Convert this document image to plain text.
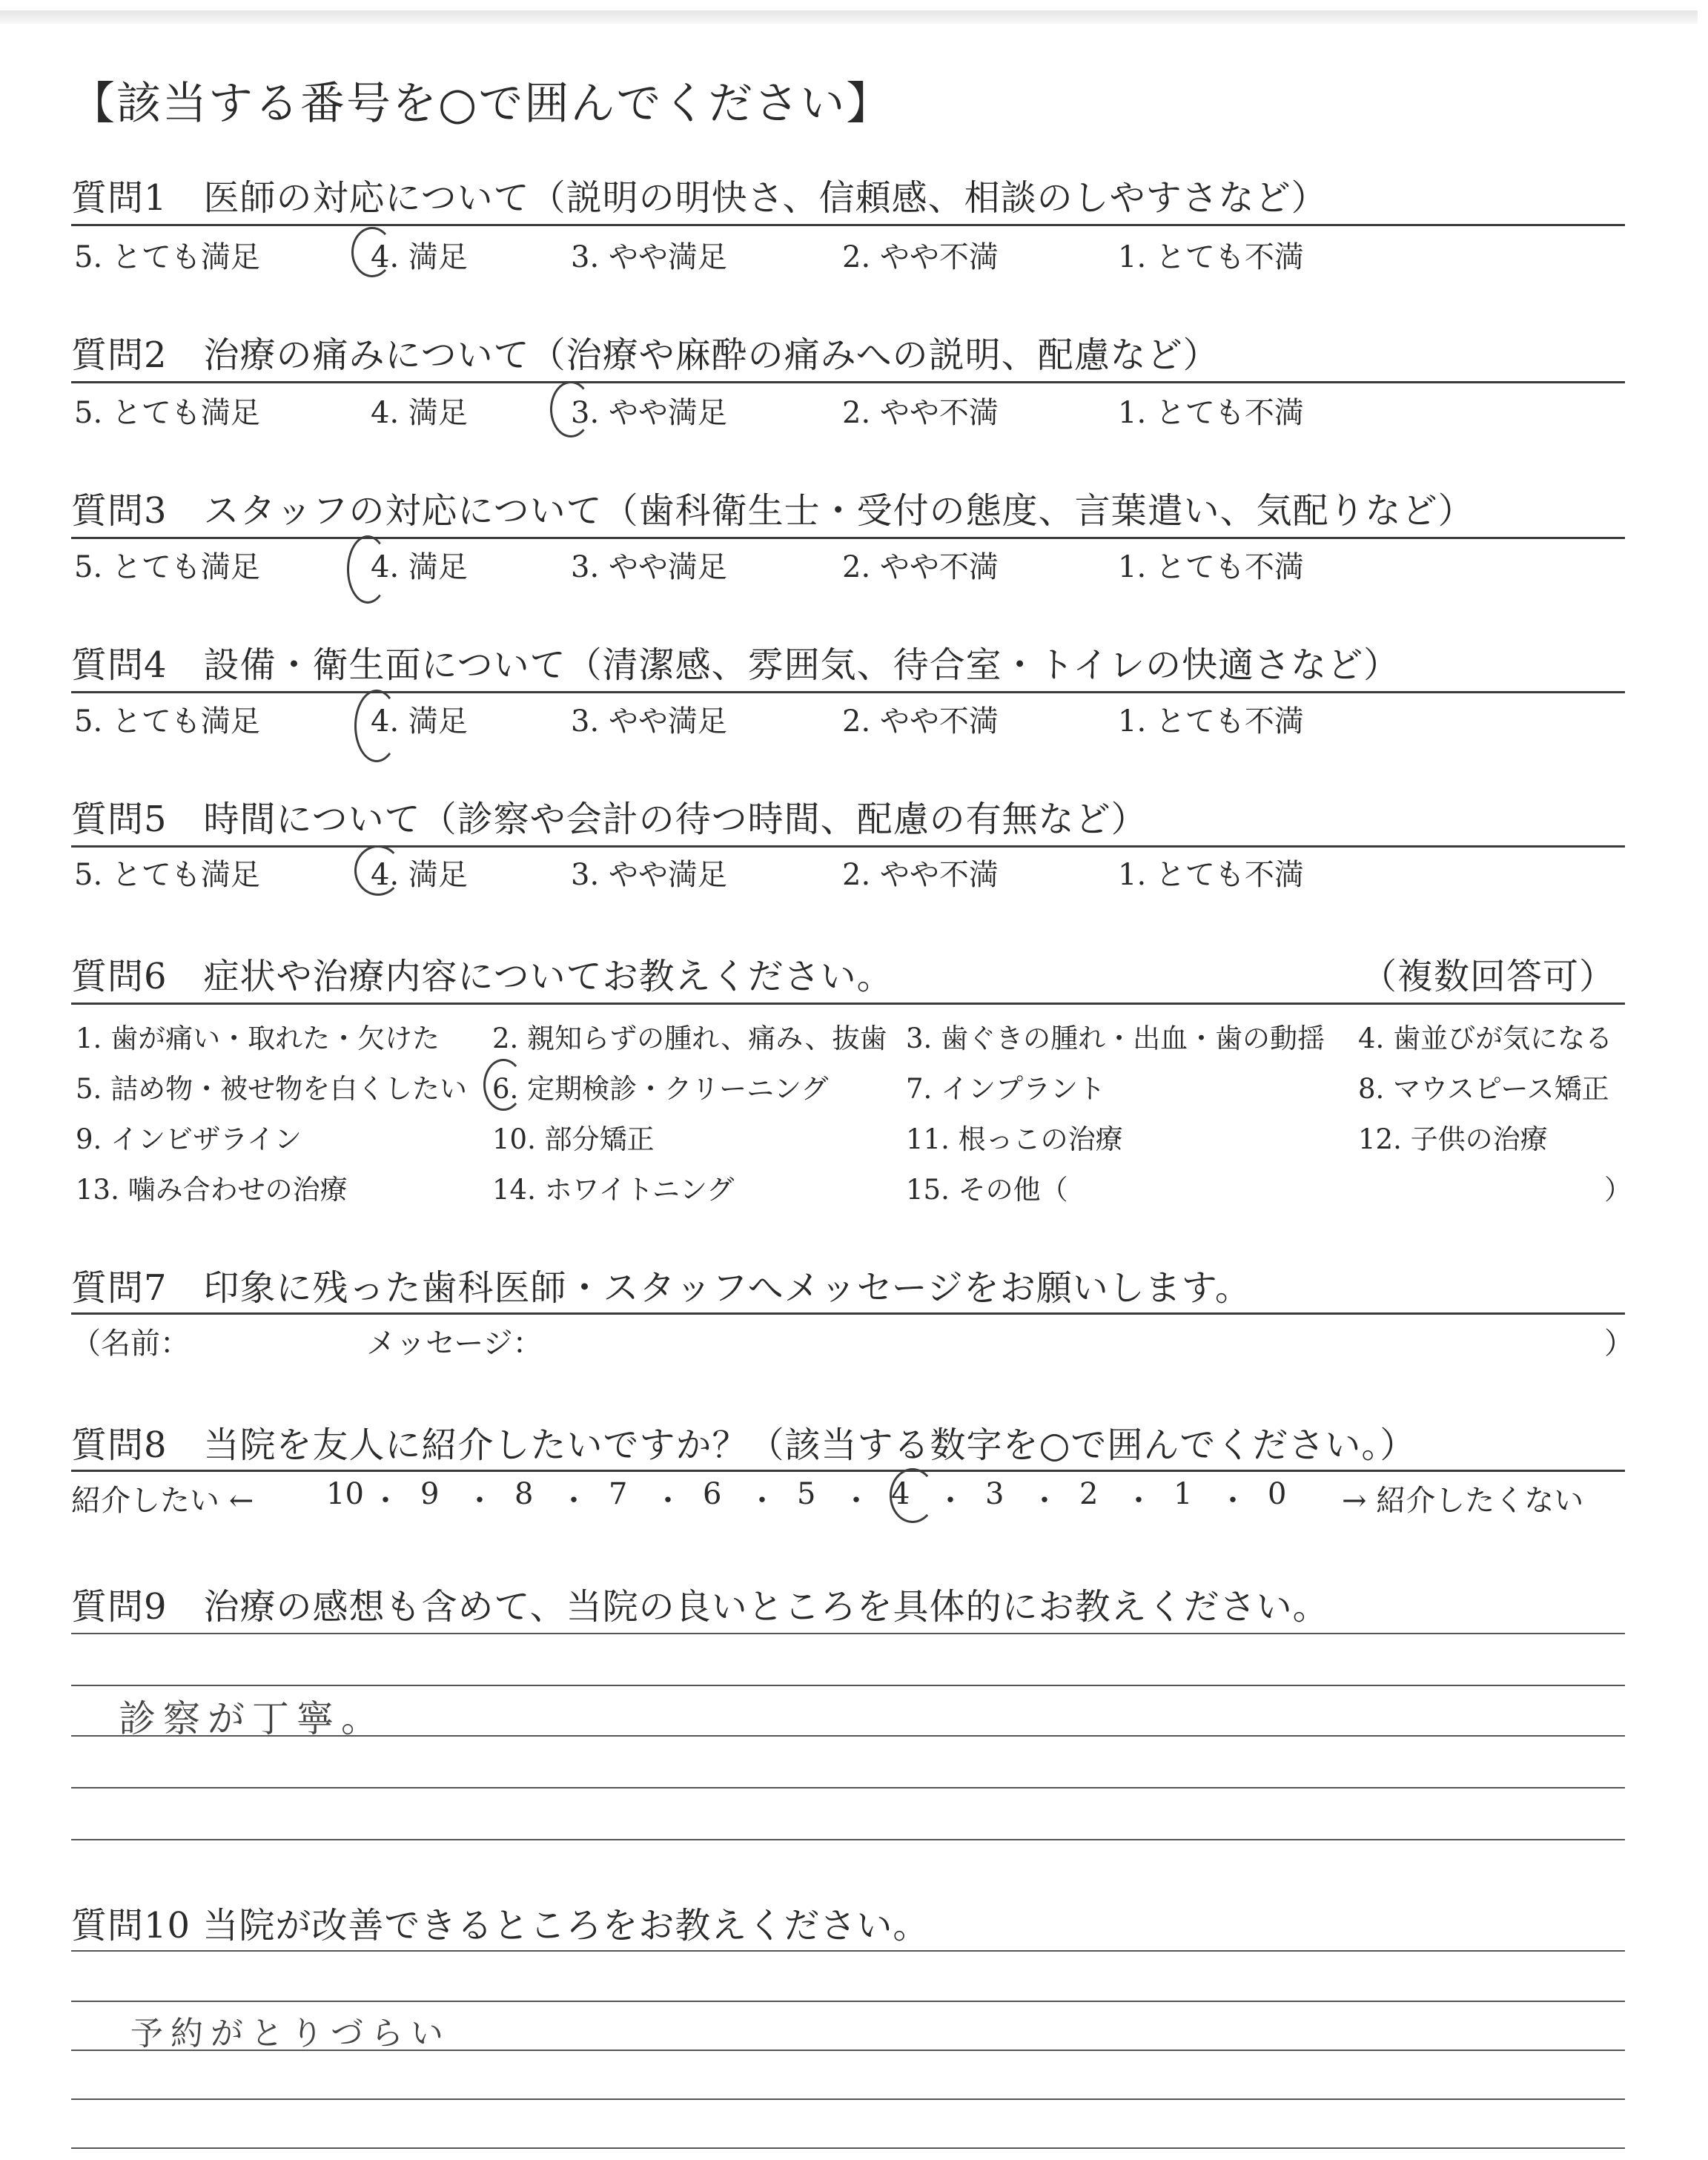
【該当する番号を○で囲んでください】
質問1　医師の対応について（説明の明快さ、信頼感、相談のしやすさなど）
5. とても満足	4. 満足	3. やや満足	2. やや不満	1. とても不満
質問2　治療の痛みについて（治療や麻酔の痛みへの説明、配慮など）
5. とても満足	4. 満足	3. やや満足	2. やや不満	1. とても不満
質問3　スタッフの対応について（歯科衛生士・受付の態度、言葉遣い、気配りなど）
5. とても満足	4. 満足	3. やや満足	2. やや不満	1. とても不満
質問4　設備・衛生面について（清潔感、雰囲気、待合室・トイレの快適さなど）
5. とても満足	4. 満足	3. やや満足	2. やや不満	1. とても不満
質問5　時間について（診察や会計の待つ時間、配慮の有無など）
5. とても満足	4. 満足	3. やや満足	2. やや不満	1. とても不満
質問6　症状や治療内容についてお教えください。	（複数回答可）
1. 歯が痛い・取れた・欠けた 2. 親知らずの腫れ、痛み、抜歯 3. 歯ぐきの腫れ・出血・歯の動揺 4. 歯並びが気になる
5. 詰め物・被せ物を白くしたい 6. 定期検診・クリーニング	7. インプラント	8. マウスピース矯正
9. インビザライン	10. 部分矯正	11. 根っこの治療	12. 子供の治療
13. 噛み合わせの治療	14. ホワイトニング	15. その他（	）
質問7　印象に残った歯科医師・スタッフへメッセージをお願いします。
（名前：	メッセージ：	）
質問8　当院を友人に紹介したいですか？（該当する数字を○で囲んでください。）
紹介したい ← 10 ・ 9 ・ 8 ・ 7 ・ 6 ・ 5 ・ 4 ・ 3 ・ 2 ・ 1 ・ 0 → 紹介したくない
質問9　治療の感想も含めて、当院の良いところを具体的にお教えください。
診察が丁寧。
質問10 当院が改善できるところをお教えください。
予約がとりづらい
